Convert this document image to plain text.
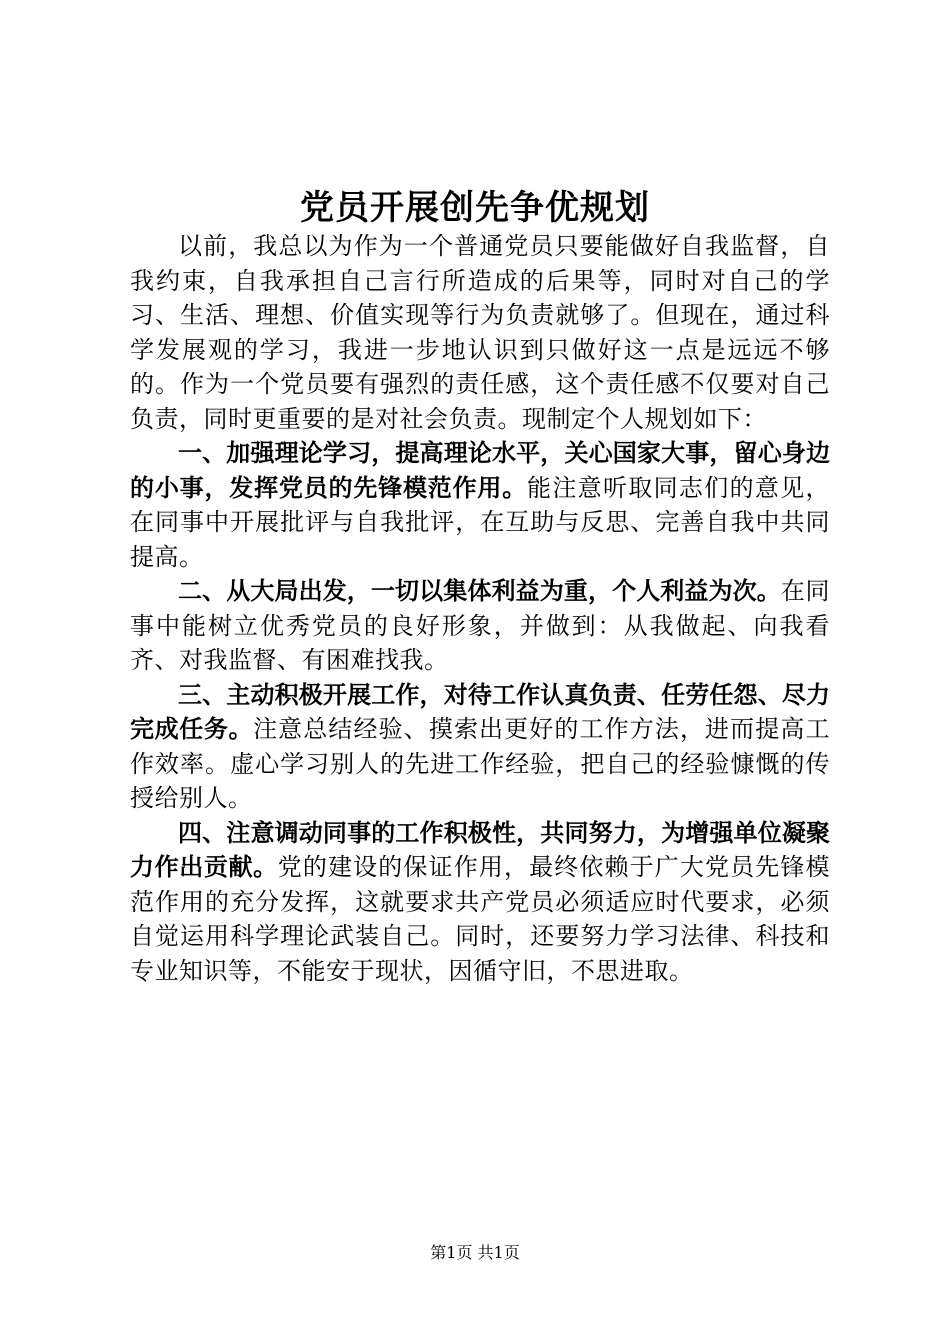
党员开展创先争优规划

以前，我总以为作为一个普通党员只要能做好自我监督，自我约束，自我承担自己言行所造成的后果等，同时对自己的学习、生活、理想、价值实现等行为负责就够了。但现在，通过科学发展观的学习，我进一步地认识到只做好这一点是远远不够的。作为一个党员要有强烈的责任感，这个责任感不仅要对自己负责，同时更重要的是对社会负责。现制定个人规划如下：

一、加强理论学习，提高理论水平，关心国家大事，留心身边的小事，发挥党员的先锋模范作用。能注意听取同志们的意见，在同事中开展批评与自我批评，在互助与反思、完善自我中共同提高。

二、从大局出发，一切以集体利益为重，个人利益为次。在同事中能树立优秀党员的良好形象，并做到：从我做起、向我看齐、对我监督、有困难找我。

三、主动积极开展工作，对待工作认真负责、任劳任怨、尽力完成任务。注意总结经验、摸索出更好的工作方法，进而提高工作效率。虚心学习别人的先进工作经验，把自己的经验慷慨的传授给别人。

四、注意调动同事的工作积极性，共同努力，为增强单位凝聚力作出贡献。党的建设的保证作用，最终依赖于广大党员先锋模范作用的充分发挥，这就要求共产党员必须适应时代要求，必须自觉运用科学理论武装自己。同时，还要努力学习法律、科技和专业知识等，不能安于现状，因循守旧，不思进取。

第1页 共1页
